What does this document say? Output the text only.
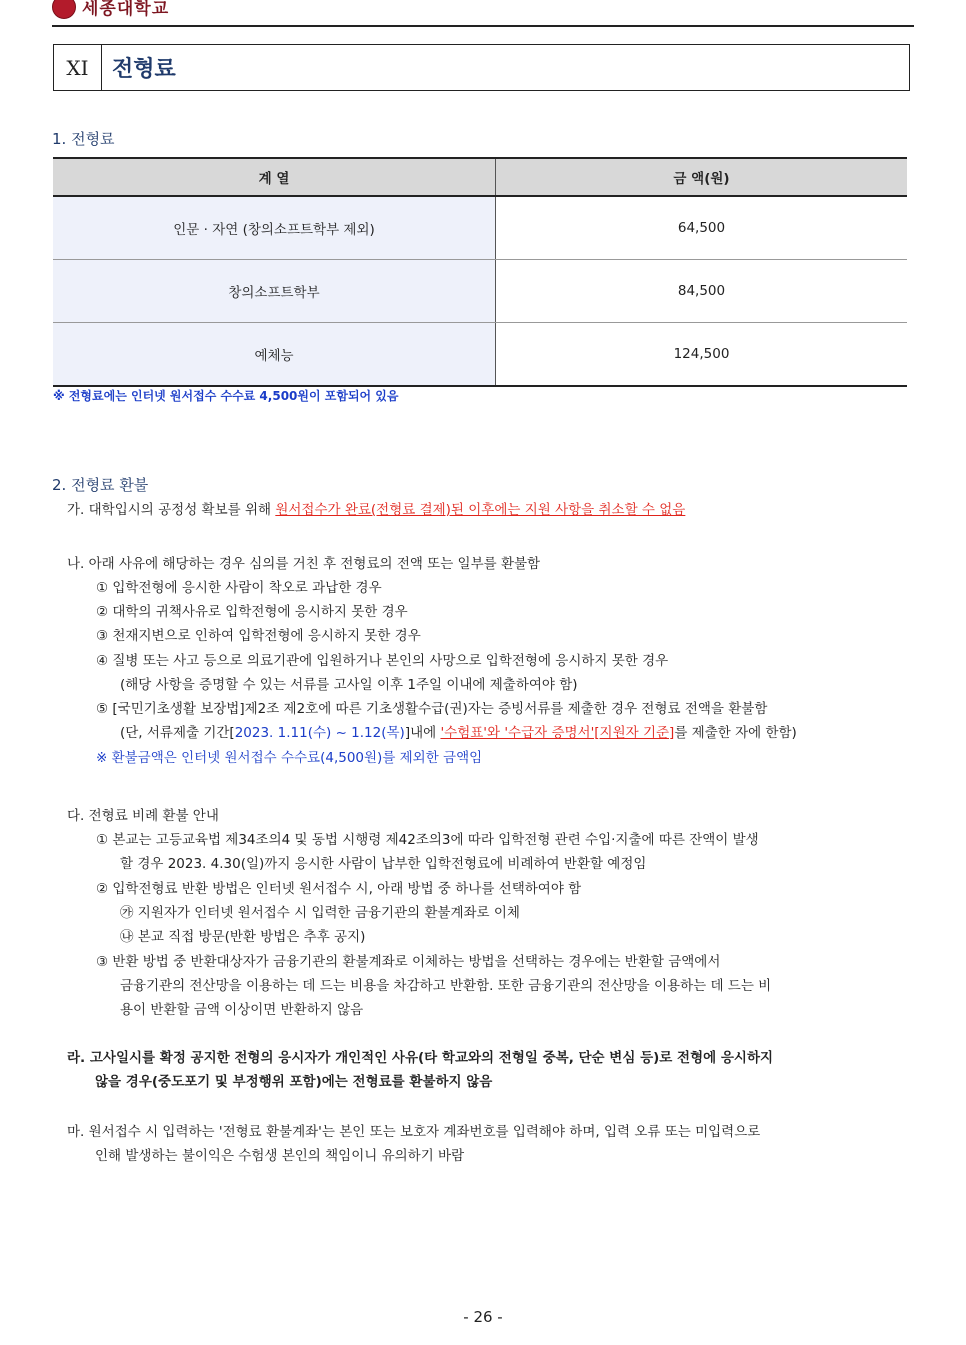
세종대학교
XI	전형료
1. 전형료
계 열	금 액(원)
인문 · 자연 (창의소프트학부 제외)	64,500
창의소프트학부	84,500
예체능	124,500
※ 전형료에는 인터넷 원서접수 수수료 4,500원이 포함되어 있음
2. 전형료 환불
가. 대학입시의 공정성 확보를 위해 원서접수가 완료(전형료 결제)된 이후에는 지원 사항을 취소할 수 없음
나. 아래 사유에 해당하는 경우 심의를 거친 후 전형료의 전액 또는 일부를 환불함
① 입학전형에 응시한 사람이 착오로 과납한 경우
② 대학의 귀책사유로 입학전형에 응시하지 못한 경우
③ 천재지변으로 인하여 입학전형에 응시하지 못한 경우
④ 질병 또는 사고 등으로 의료기관에 입원하거나 본인의 사망으로 입학전형에 응시하지 못한 경우
(해당 사항을 증명할 수 있는 서류를 고사일 이후 1주일 이내에 제출하여야 함)
⑤ [국민기초생활 보장법]제2조 제2호에 따른 기초생활수급(권)자는 증빙서류를 제출한 경우 전형료 전액을 환불함
(단, 서류제출 기간[2023. 1.11(수) ~ 1.12(목)]내에 '수험표'와 '수급자 증명서'[지원자 기준]를 제출한 자에 한함)
※ 환불금액은 인터넷 원서접수 수수료(4,500원)를 제외한 금액임
다. 전형료 비례 환불 안내
① 본교는 고등교육법 제34조의4 및 동법 시행령 제42조의3에 따라 입학전형 관련 수입·지출에 따른 잔액이 발생
할 경우 2023. 4.30(일)까지 응시한 사람이 납부한 입학전형료에 비례하여 반환할 예정임
② 입학전형료 반환 방법은 인터넷 원서접수 시, 아래 방법 중 하나를 선택하여야 함
㉮ 지원자가 인터넷 원서접수 시 입력한 금융기관의 환불계좌로 이체
㉯ 본교 직접 방문(반환 방법은 추후 공지)
③ 반환 방법 중 반환대상자가 금융기관의 환불계좌로 이체하는 방법을 선택하는 경우에는 반환할 금액에서
금융기관의 전산망을 이용하는 데 드는 비용을 차감하고 반환함. 또한 금융기관의 전산망을 이용하는 데 드는 비
용이 반환할 금액 이상이면 반환하지 않음
라. 고사일시를 확정 공지한 전형의 응시자가 개인적인 사유(타 학교와의 전형일 중복, 단순 변심 등)로 전형에 응시하지
않을 경우(중도포기 및 부정행위 포함)에는 전형료를 환불하지 않음
마. 원서접수 시 입력하는 '전형료 환불계좌'는 본인 또는 보호자 계좌번호를 입력해야 하며, 입력 오류 또는 미입력으로
인해 발생하는 불이익은 수험생 본인의 책임이니 유의하기 바람
- 26 -
